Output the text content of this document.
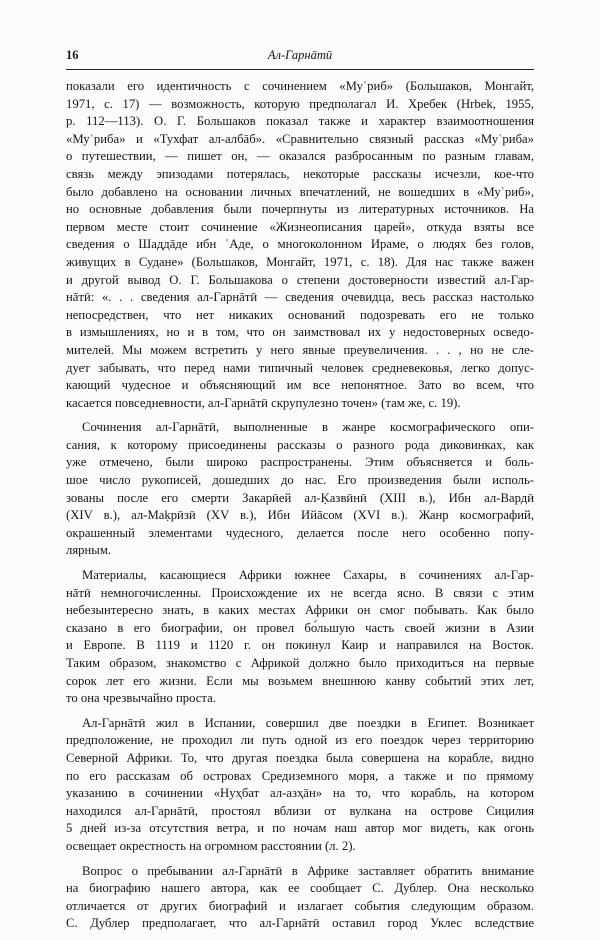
16	Ал-Гарнāтӣ
показали его идентичность с сочинением «Муʿриб» (Большаков, Монгайт,
1971, с. 17) — возможность, которую предполагал И. Хребек (Hrbek, 1955,
р. 112—113). О. Г. Большаков показал также и характер взаимоотношения
«Муʿриба» и «Тухфат ал-албāб». «Сравнительно связный рассказ «Муʿриба»
о путешествии, — пишет он, — оказался разбросанным по разным главам,
связь между эпизодами потерялась, некоторые рассказы исчезли, кое-что
было добавлено на основании личных впечатлений, не вошедших в «Муʿриб»,
но основные добавления были почерпнуты из литературных источников. На
первом месте стоит сочинение «Жизнеописания царей», откуда взяты все
сведения о Шаддāде ибн ʿАде, о многоколонном Ираме, о людях без голов,
живущих в Судане» (Большаков, Монгайт, 1971, с. 18). Для нас также важен
и другой вывод О. Г. Большакова о степени достоверности известий ал-Гар-
нāтӣ: «. . . сведения ал-Гарнāтӣ — сведения очевидца, весь рассказ настолько
непосредствен, что нет никаких оснований подозревать его не только
в измышлениях, но и в том, что он заимствовал их у недостоверных осведо-
мителей. Мы можем встретить у него явные преувеличения. . . , но не сле-
дует забывать, что перед нами типичный человек средневековья, легко допус-
кающий чудесное и объясняющий им все непонятное. Зато во всем, что
касается повседневности, ал-Гарнāтӣ скрупулезно точен» (там же, с. 19).
Сочинения ал-Гарнāтӣ, выполненные в жанре космографического опи-
сания, к которому присоединены рассказы о разного рода диковинках, как
уже отмечено, были широко распространены. Этим объясняется и боль-
шое число рукописей, дошедших до нас. Его произведения были исполь-
зованы после его смерти Закарӣей ал-Ḳазвӣнӣ (XIII в.), Ибн ал-Вардӣ
(XIV в.), ал-Маḳрӣзӣ (XV в.), Ибн Ийāсом (XVI в.). Жанр космографий,
окрашенный элементами чудесного, делается после него особенно попу-
лярным.
Материалы, касающиеся Африки южнее Сахары, в сочинениях ал-Гар-
нāтӣ немногочисленны. Происхождение их не всегда ясно. В связи с этим
небезынтересно знать, в каких местах Африки он смог побывать. Как было
сказано в его биографии, он провел бо́льшую часть своей жизни в Азии
и Европе. В 1119 и 1120 г. он покинул Каир и направился на Восток.
Таким образом, знакомство с Африкой должно было приходиться на первые
сорок лет его жизни. Если мы возьмем внешнюю канву событий этих лет,
то она чрезвычайно проста.
Ал-Гарнāтӣ жил в Испании, совершил две поездки в Египет. Возникает
предположение, не проходил ли путь одной из его поездок через территорию
Северной Африки. То, что другая поездка была совершена на корабле, видно
по его рассказам об островах Средиземного моря, а также и по прямому
указанию в сочинении «Нуҳбат ал-азҳāн» на то, что корабль, на котором
находился ал-Гарнāтӣ, простоял вблизи от вулкана на острове Сицилия
5 дней из-за отсутствия ветра, и по ночам наш автор мог видеть, как огонь
освещает окрестность на огромном расстоянии (л. 2).
Вопрос о пребывании ал-Гарнāтӣ в Африке заставляет обратить внимание
на биографию нашего автора, как ее сообщает С. Дублер. Она несколько
отличается от других биографий и излагает события следующим образом.
С. Дублер предполагает, что ал-Гарнāтӣ оставил город Уклес вследствие
